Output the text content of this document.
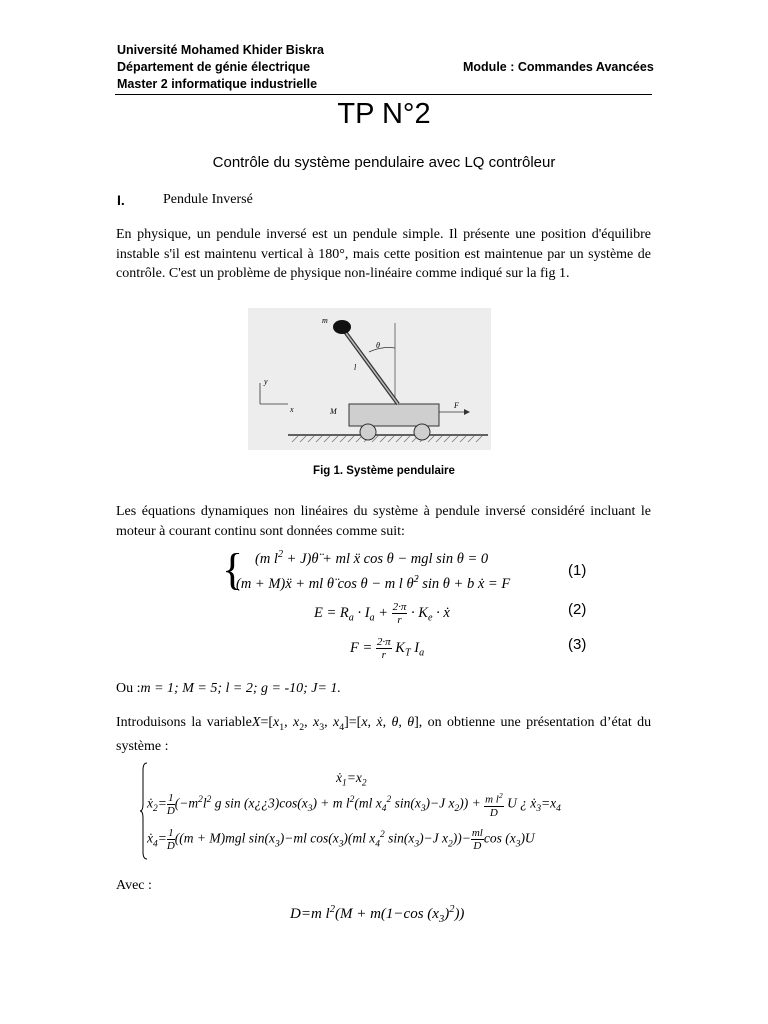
Université Mohamed Khider Biskra
Département de génie électrique
Master 2 informatique industrielle
Module : Commandes Avancées
TP N°2
Contrôle du système pendulaire avec LQ contrôleur
I.	Pendule Inversé
En physique, un pendule inversé est un pendule simple. Il présente une position d'équilibre instable s'il est maintenu vertical à 180°, mais cette position est maintenue par un système de contrôle. C'est un problème de physique non-linéaire comme indiqué sur la fig 1.
m
θ
l
y
x	M
F
Fig 1. Système pendulaire
Les équations dynamiques non linéaires du système à pendule inversé considéré incluant le moteur à courant continu sont données comme suit:
{ (m $l^2$ + J)θ̈ + ml ẍ cos θ − mgl sin θ = 0
(m + M)ẍ + ml θ̈ cos θ − m l θ̇$^2$ sin θ + b ẋ = F
(1)
$E = R_a \cdot I_a + \frac{2\cdot\pi}{r} \cdot K_e$ · ẋ	(2)
$F = \frac{2\cdot\pi}{r} K_T$ $I_a$
(3)
Ou :m = 1; M = 5; l = 2; g = -10; J= 1.
Introduisons la $variableX=[x_1$, $x_2$, $x_3$, $x_4]=[x$, ẋ, θ, θ̇], on obtienne une présentation d’état du système :
$ẋ_1=x_2$
ẋ$_2$= $\frac{1}{D} (-m^2l^2$ g $\sin (x¿¿3)\cos(x_3) + m$ $l^2(ml$ $x_4^2$ $\sin(x_3)-J$ $x_2)) + \frac{m l^2}{D}$ U ¿ $ẋ_3=x_4$
ẋ$_4$= $\frac{1}{D} ((m + M)mgl$ $\sin(x_3)-ml$ $\cos(x_3)(ml$ $x_4^2$ $\sin(x_3)-J$ $x_2))- \frac{ml}{D}$ $\cos (x_3)U$
Avec :
D=m $l^2(M + m(1-\cos$ $(x_3)^2$))
